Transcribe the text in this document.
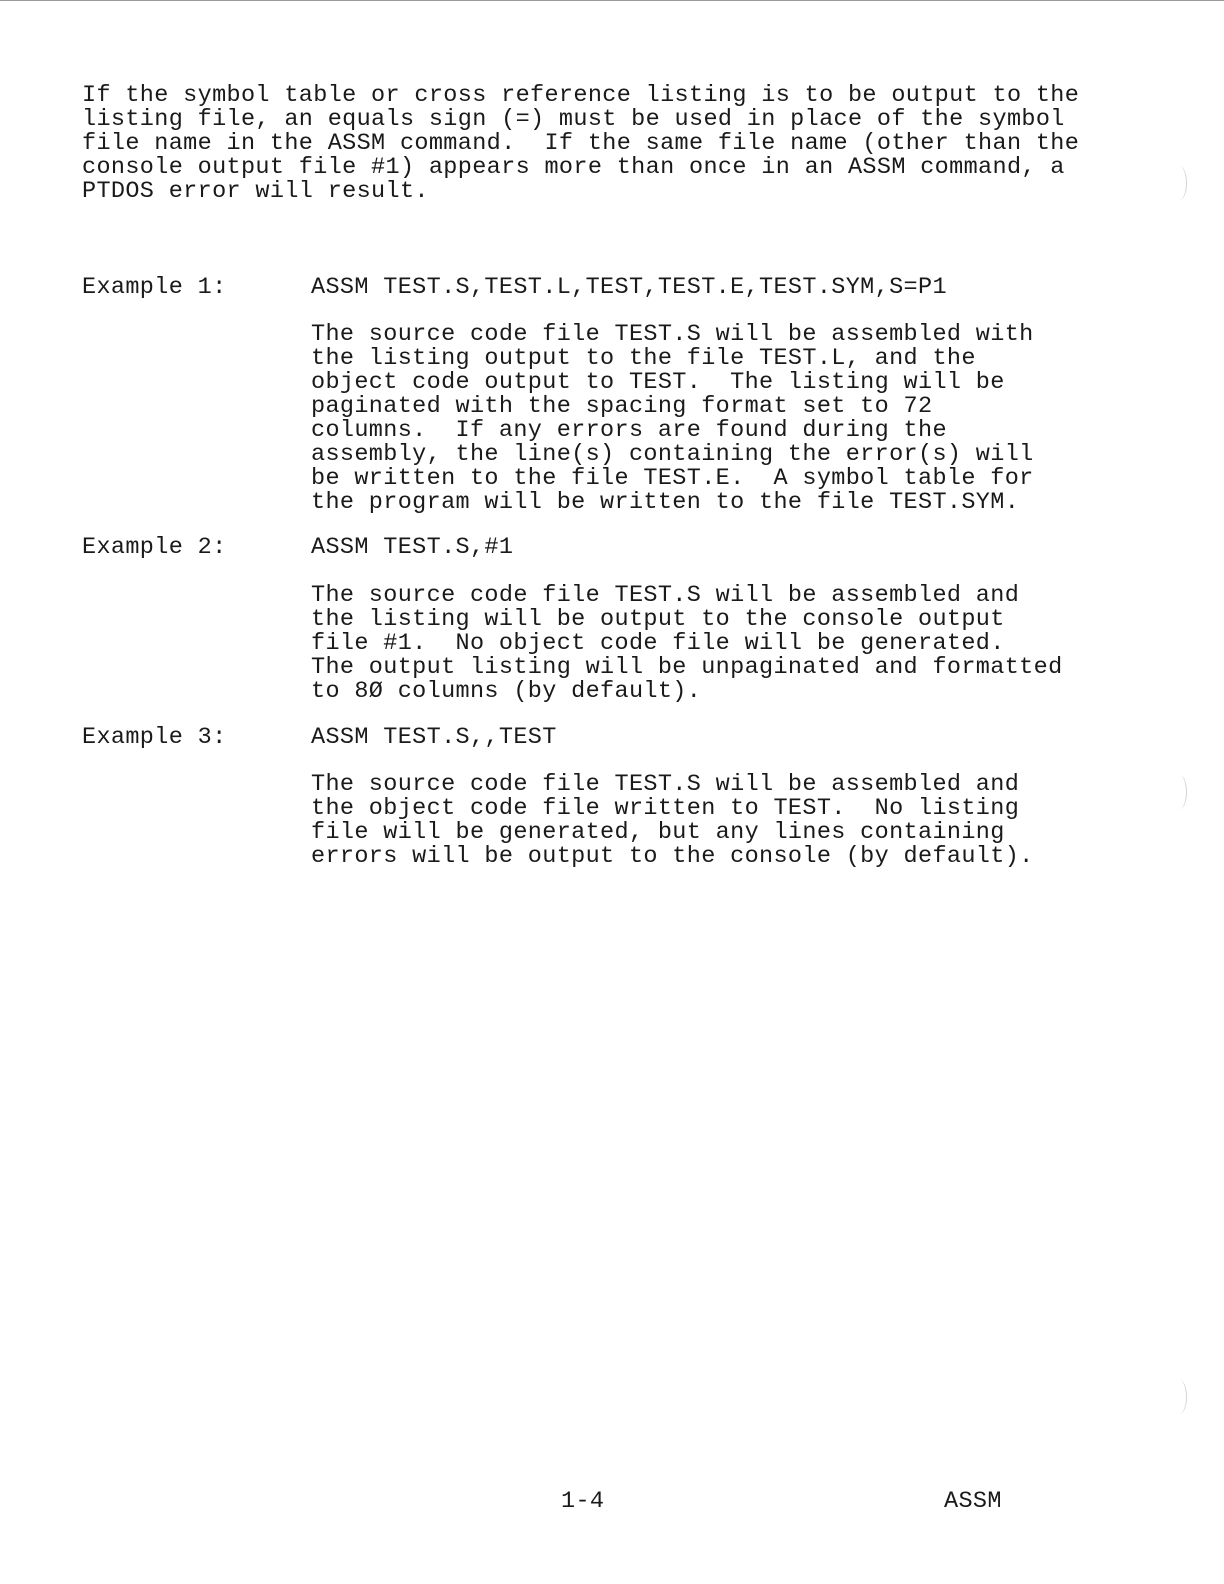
If the symbol table or cross reference listing is to be output to the
listing file, an equals sign (=) must be used in place of the symbol
file name in the ASSM command.  If the same file name (other than the
console output file #1) appears more than once in an ASSM command, a
PTDOS error will result.
Example 1:	ASSM TEST.S,TEST.L,TEST,TEST.E,TEST.SYM,S=P1
The source code file TEST.S will be assembled with
the listing output to the file TEST.L, and the
object code output to TEST.  The listing will be
paginated with the spacing format set to 72
columns.  If any errors are found during the
assembly, the line(s) containing the error(s) will
be written to the file TEST.E.  A symbol table for
the program will be written to the file TEST.SYM.
Example 2:	ASSM TEST.S,#1
The source code file TEST.S will be assembled and
the listing will be output to the console output
file #1.  No object code file will be generated.
The output listing will be unpaginated and formatted
to 8Ø columns (by default).
Example 3:	ASSM TEST.S,,TEST
The source code file TEST.S will be assembled and
the object code file written to TEST.  No listing
file will be generated, but any lines containing
errors will be output to the console (by default).
1-4	ASSM
